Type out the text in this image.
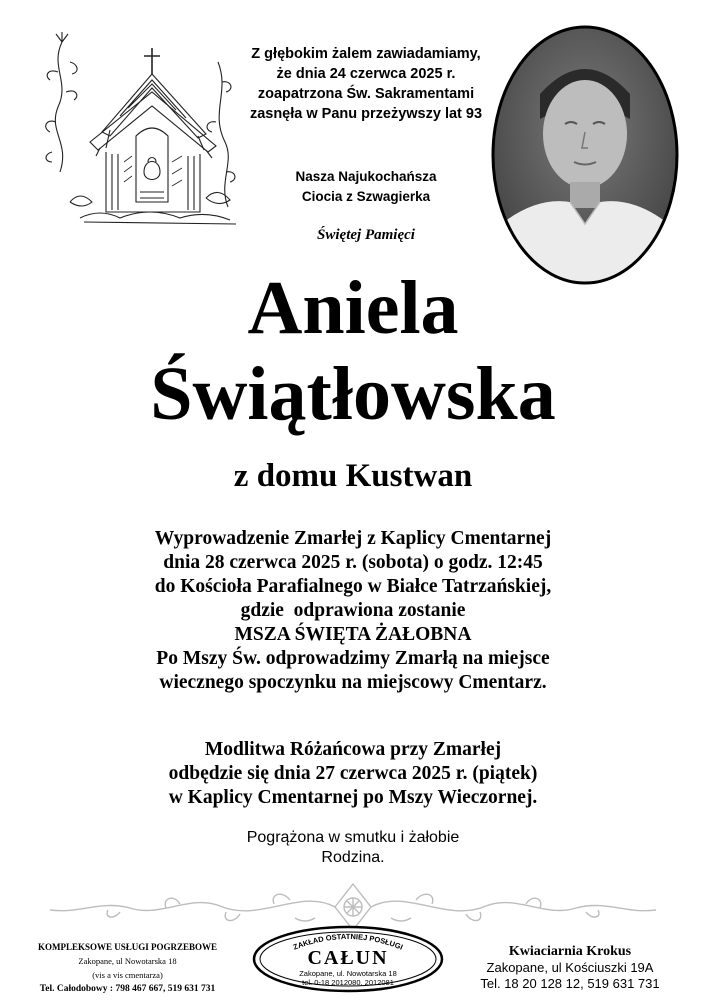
Z głębokim żalem zawiadamiamy,
że dnia 24 czerwca 2025 r.
zoapatrzona Św. Sakramentami
zasnęła w Panu przeżywszy lat 93
Nasza Najukochańsza
Ciocia z Szwagierka
Świętej Pamięci
Aniela
Świątłowska
z domu Kustwan
Wyprowadzenie Zmarłej z Kaplicy Cmentarnej
dnia 28 czerwca 2025 r. (sobota) o godz. 12:45
do Kościoła Parafialnego w Białce Tatrzańskiej,
gdzie  odprawiona zostanie
MSZA ŚWIĘTA ŻAŁOBNA
Po Mszy Św. odprowadzimy Zmarłą na miejsce
wiecznego spoczynku na miejscowy Cmentarz.
Modlitwa Różańcowa przy Zmarłej
odbędzie się dnia 27 czerwca 2025 r. (piątek)
w Kaplicy Cmentarnej po Mszy Wieczornej.
Pogrążona w smutku i żałobie
Rodzina.
KOMPLEKSOWE USŁUGI POGRZEBOWE
Zakopane, ul Nowotarska 18
(vis a vis cmentarza)
Tel. Całodobowy : 798 467 667, 519 631 731
ZAKŁAD OSTATNIEJ POSŁUGI
CAŁUN
Zakopane, ul. Nowotarska 18
tel. 0-18 2012080, 2012081
Kwiaciarnia Krokus
Zakopane, ul Kościuszki 19A
Tel. 18 20 128 12, 519 631 731
